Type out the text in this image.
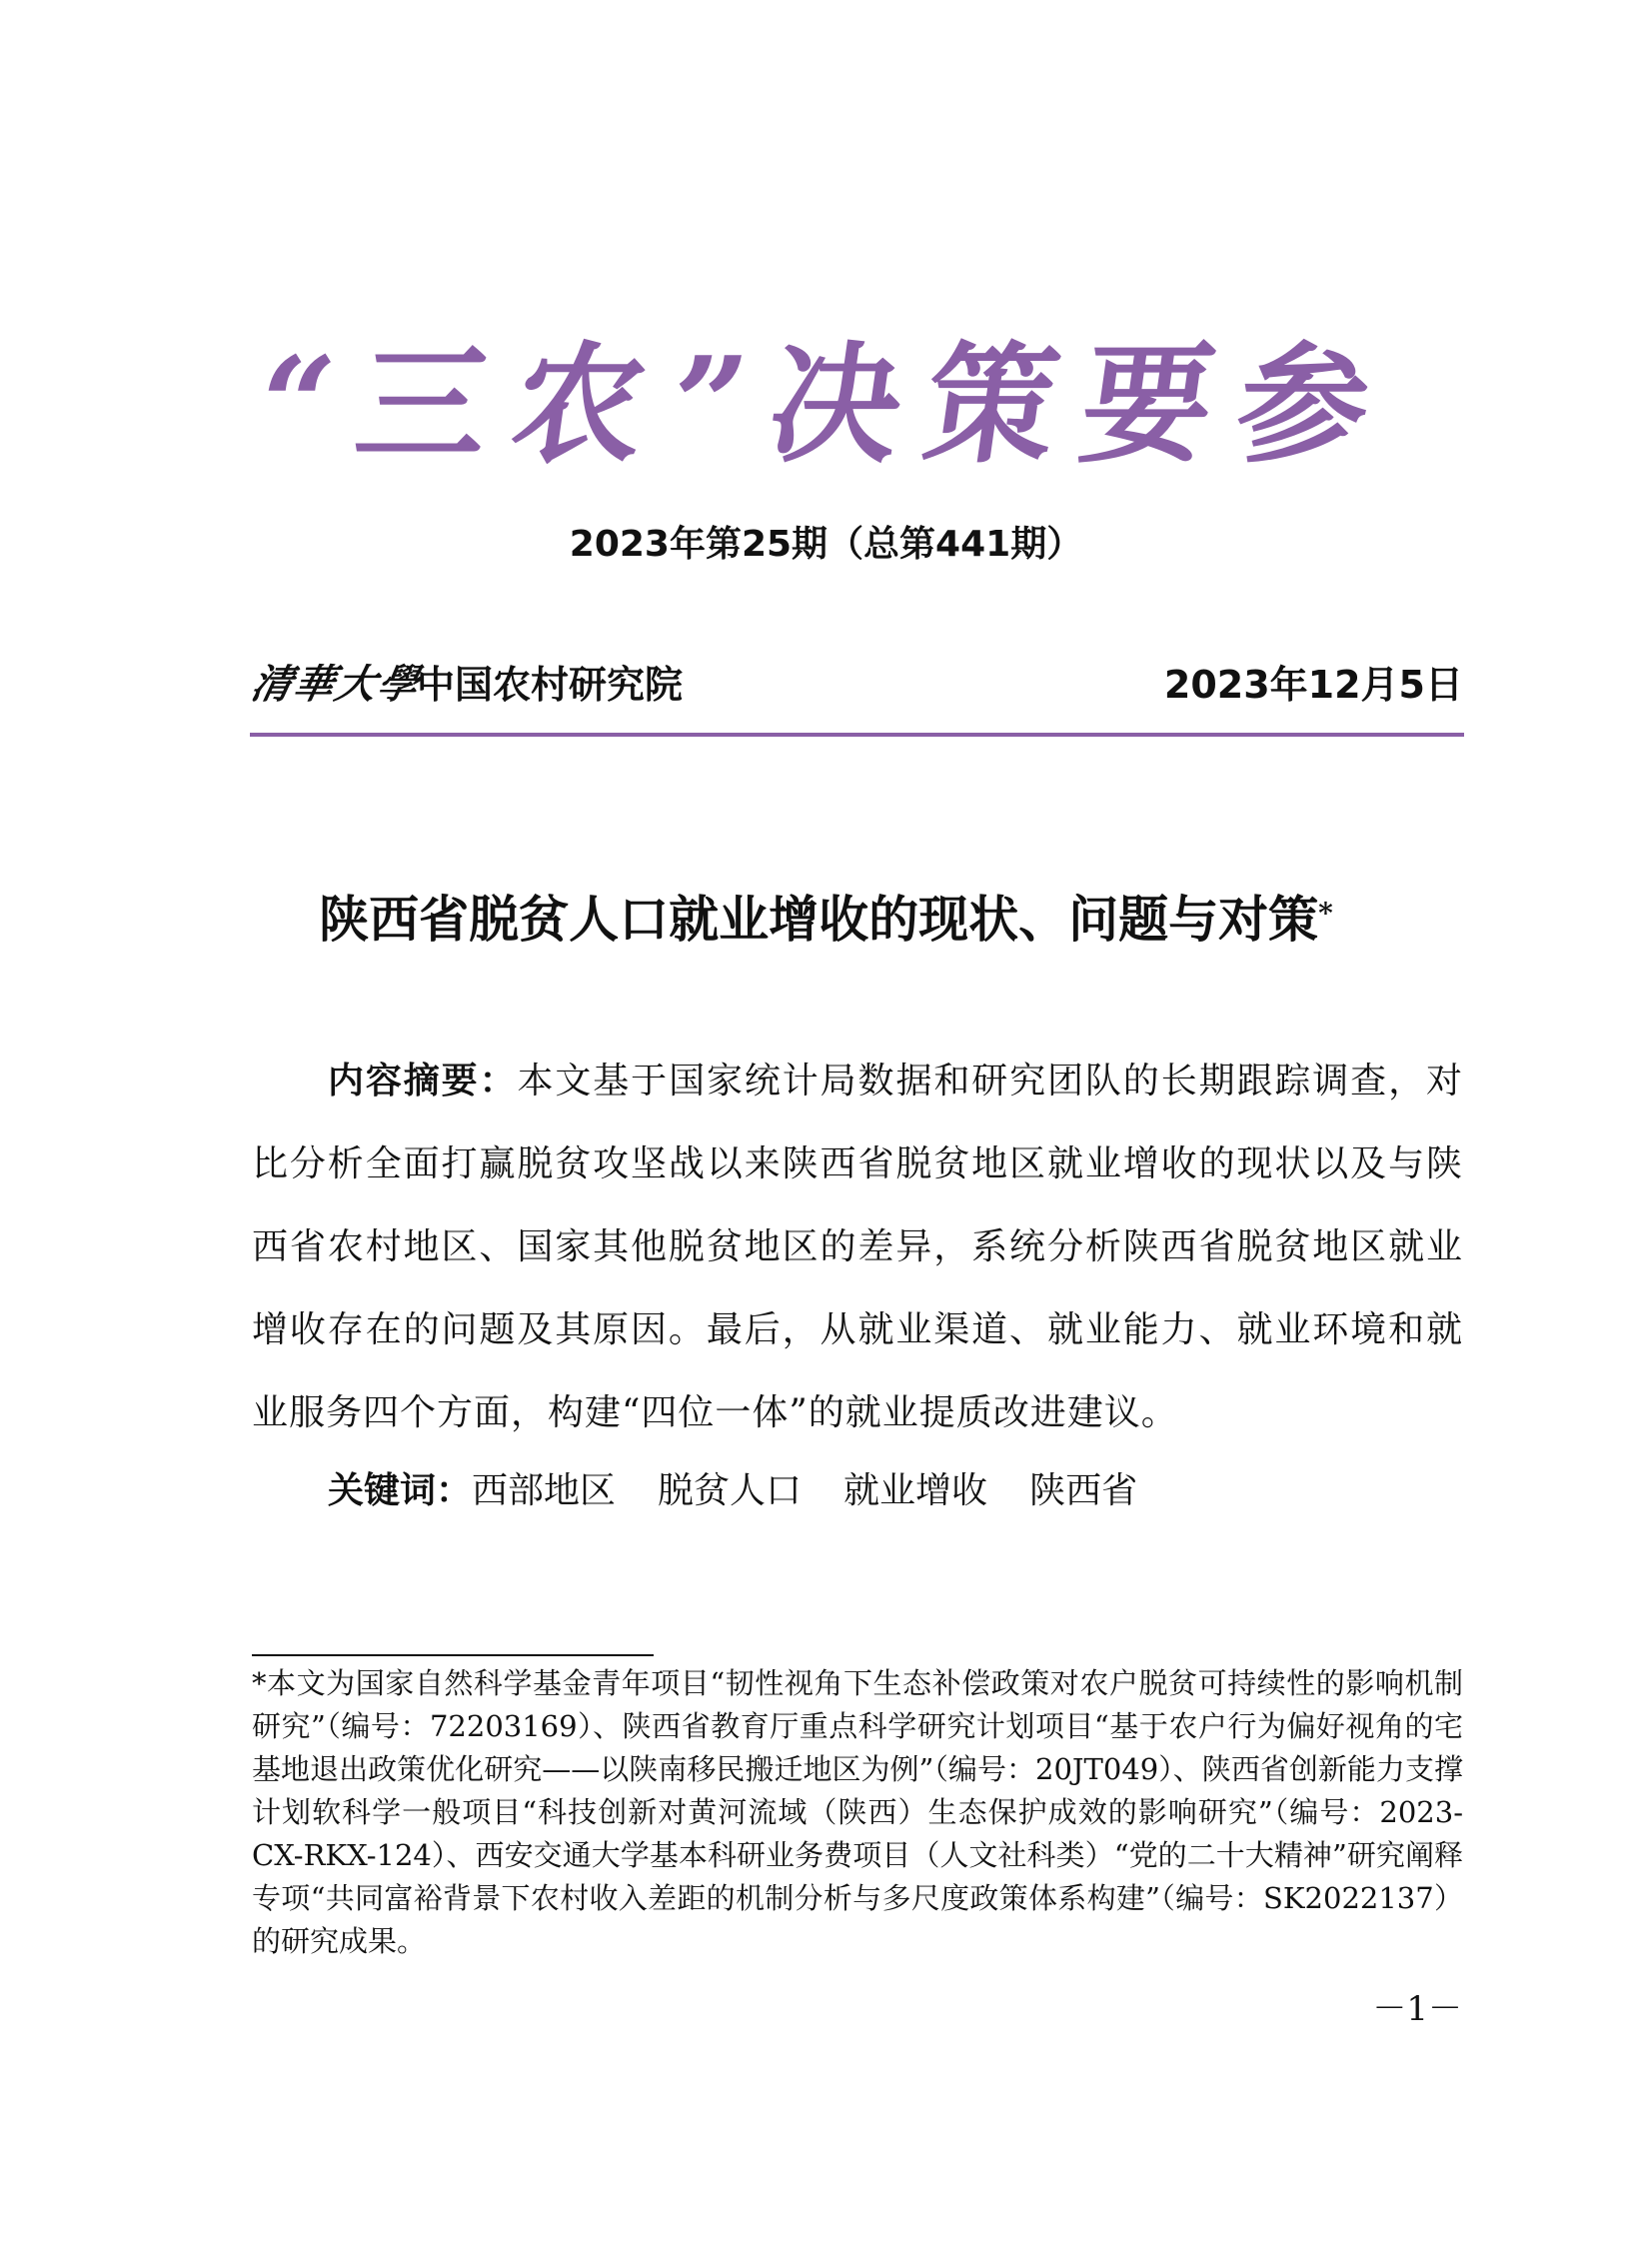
“三农”决策要参
2023年第25期（总第441期）
清華大學
中国农村研究院	2023年12月5日
陕西省脱贫人口就业增收的现状、问题与对策*
内容摘要：本文基于国家统计局数据和研究团队的长期跟踪调查，对比分析全面打赢脱贫攻坚战以来陕西省脱贫地区就业增收的现状以及与陕西省农村地区、国家其他脱贫地区的差异，系统分析陕西省脱贫地区就业增收存在的问题及其原因。最后，从就业渠道、就业能力、就业环境和就业服务四个方面，构建“四位一体”的就业提质改进建议。
关键词：西部地区 脱贫人口 就业增收 陕西省
*本文为国家自然科学基金青年项目“韧性视角下生态补偿政策对农户脱贫可持续性的影响机制研究”（编号：72203169）、陕西省教育厅重点科学研究计划项目“基于农户行为偏好视角的宅基地退出政策优化研究——以陕南移民搬迁地区为例”（编号：20JT049）、陕西省创新能力支撑计划软科学一般项目“科技创新对黄河流域（陕西）生态保护成效的影响研究”（编号：2023-CX-RKX-124）、西安交通大学基本科研业务费项目（人文社科类）“党的二十大精神”研究阐释专项“共同富裕背景下农村收入差距的机制分析与多尺度政策体系构建”（编号：SK2022137）的研究成果。
－1－
